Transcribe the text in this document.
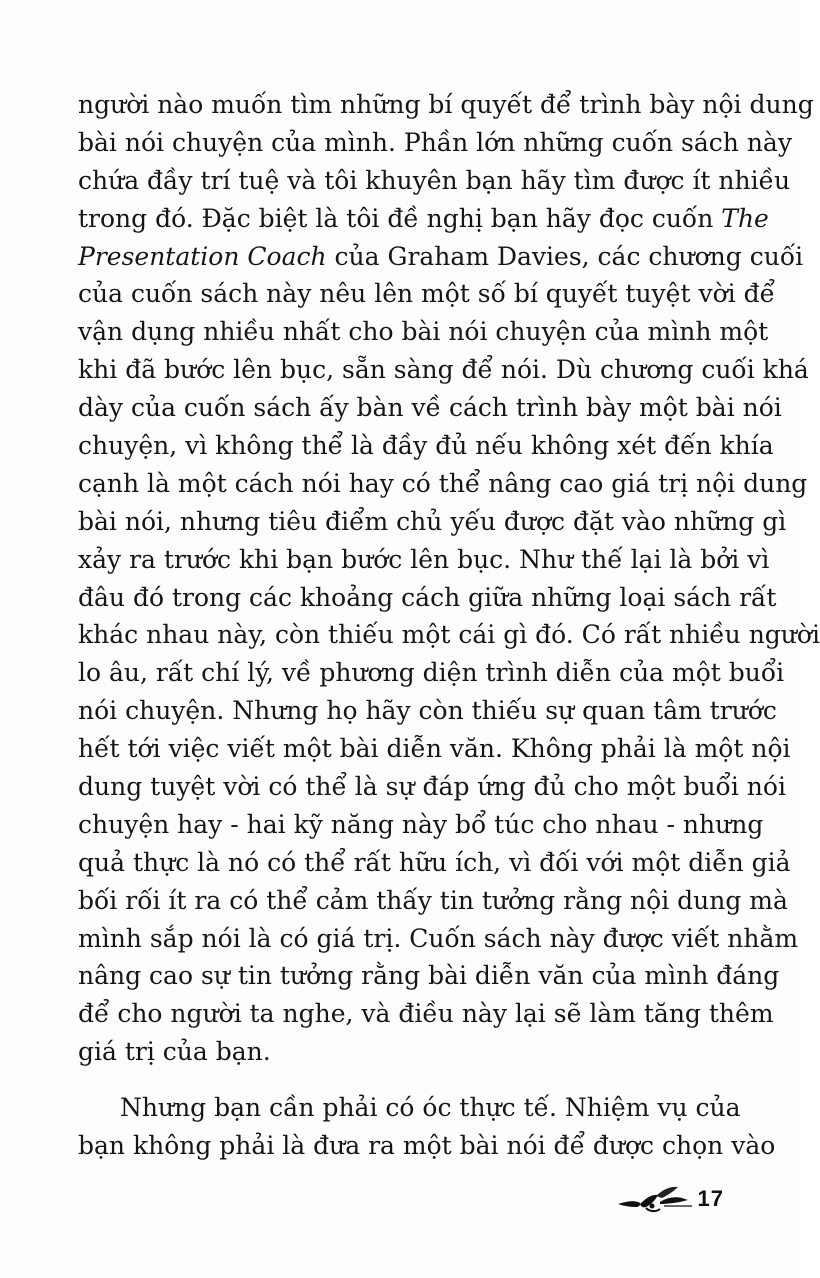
người nào muốn tìm những bí quyết để trình bày nội dung
bài nói chuyện của mình. Phần lớn những cuốn sách này
chứa đầy trí tuệ và tôi khuyên bạn hãy tìm được ít nhiều
trong đó. Đặc biệt là tôi đề nghị bạn hãy đọc cuốn The
Presentation Coach của Graham Davies, các chương cuối
của cuốn sách này nêu lên một số bí quyết tuyệt vời để
vận dụng nhiều nhất cho bài nói chuyện của mình một
khi đã bước lên bục, sẵn sàng để nói. Dù chương cuối khá
dày của cuốn sách ấy bàn về cách trình bày một bài nói
chuyện, vì không thể là đầy đủ nếu không xét đến khía
cạnh là một cách nói hay có thể nâng cao giá trị nội dung
bài nói, nhưng tiêu điểm chủ yếu được đặt vào những gì
xảy ra trước khi bạn bước lên bục. Như thế lại là bởi vì
đâu đó trong các khoảng cách giữa những loại sách rất
khác nhau này, còn thiếu một cái gì đó. Có rất nhiều người
lo âu, rất chí lý, về phương diện trình diễn của một buổi
nói chuyện. Nhưng họ hãy còn thiếu sự quan tâm trước
hết tới việc viết một bài diễn văn. Không phải là một nội
dung tuyệt vời có thể là sự đáp ứng đủ cho một buổi nói
chuyện hay - hai kỹ năng này bổ túc cho nhau - nhưng
quả thực là nó có thể rất hữu ích, vì đối với một diễn giả
bối rối ít ra có thể cảm thấy tin tưởng rằng nội dung mà
mình sắp nói là có giá trị. Cuốn sách này được viết nhằm
nâng cao sự tin tưởng rằng bài diễn văn của mình đáng
để cho người ta nghe, và điều này lại sẽ làm tăng thêm
giá trị của bạn.
Nhưng bạn cần phải có óc thực tế. Nhiệm vụ của
bạn không phải là đưa ra một bài nói để được chọn vào
17
